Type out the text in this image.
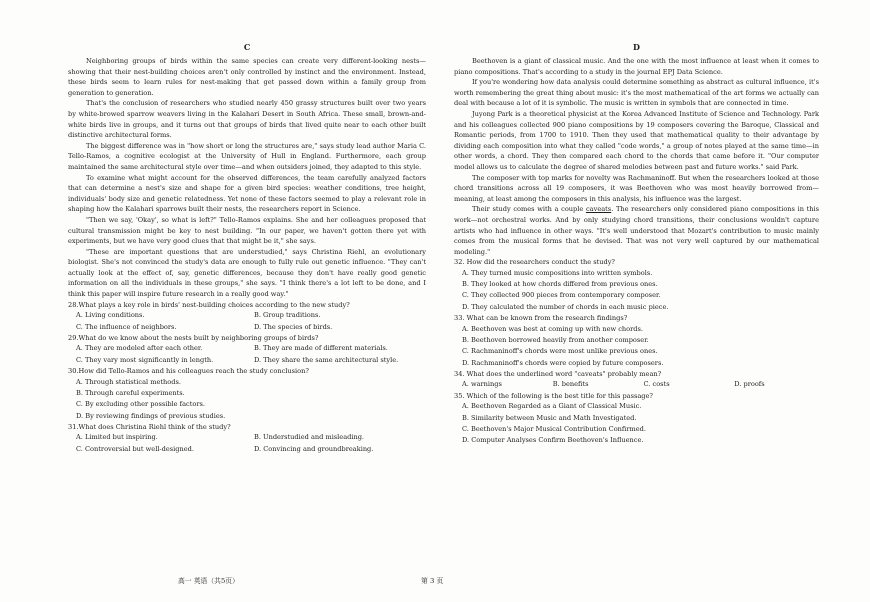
C

Neighboring groups of birds within the same species can create very different-looking nests—showing that their nest-building choices aren't only controlled by instinct and the environment. Instead, these birds seem to learn rules for nest-making that get passed down within a family group from generation to generation.

That's the conclusion of researchers who studied nearly 450 grassy structures built over two years by white-browed sparrow weavers living in the Kalahari Desert in South Africa. These small, brown-and-white birds live in groups, and it turns out that groups of birds that lived quite near to each other built distinctive architectural forms.

The biggest difference was in "how short or long the structures are," says study lead author Maria C. Tello-Ramos, a cognitive ecologist at the University of Hull in England. Furthermore, each group maintained the same architectural style over time—and when outsiders joined, they adapted to this style.

To examine what might account for the observed differences, the team carefully analyzed factors that can determine a nest's size and shape for a given bird species: weather conditions, tree height, individuals' body size and genetic relatedness. Yet none of these factors seemed to play a relevant role in shaping how the Kalahari sparrows built their nests, the researchers report in Science.

"Then we say, 'Okay', so what is left?" Tello-Ramos explains. She and her colleagues proposed that cultural transmission might be key to nest building. "In our paper, we haven't gotten there yet with experiments, but we have very good clues that that might be it," she says.

"These are important questions that are understudied," says Christina Riehl, an evolutionary biologist. She's not convinced the study's data are enough to fully rule out genetic influence. "They can't actually look at the effect of, say, genetic differences, because they don't have really good genetic information on all the individuals in these groups," she says. "I think there's a lot left to be done, and I think this paper will inspire future research in a really good way."

28.What plays a key role in birds' nest-building choices according to the new study?

A. Living conditions.	B. Group traditions.
C. The influence of neighbors.	D. The species of birds.

29.What do we know about the nests built by neighboring groups of birds?

A. They are modeled after each other.	B. They are made of different materials.
C. They vary most significantly in length.	D. They share the same architectural style.

30.How did Tello-Ramos and his colleagues reach the study conclusion?

A. Through statistical methods.
B. Through careful experiments.
C. By excluding other possible factors.
D. By reviewing findings of previous studies.

31.What does Christina Riehl think of the study?

A. Limited but inspiring.	B. Understudied and misleading.
C. Controversial but well-designed.	D. Convincing and groundbreaking.
D

Beethoven is a giant of classical music. And the one with the most influence at least when it comes to piano compositions. That's according to a study in the journal EPJ Data Science.

If you're wondering how data analysis could determine something as abstract as cultural influence, it's worth remembering the great thing about music: it's the most mathematical of the art forms we actually can deal with because a lot of it is symbolic. The music is written in symbols that are connected in time.

Juyong Park is a theoretical physicist at the Korea Advanced Institute of Science and Technology. Park and his colleagues collected 900 piano compositions by 19 composers covering the Baroque, Classical and Romantic periods, from 1700 to 1910. Then they used that mathematical quality to their advantage by dividing each composition into what they called "code words," a group of notes played at the same time—in other words, a chord. They then compared each chord to the chords that came before it. "Our computer model allows us to calculate the degree of shared melodies between past and future works." said Park.

The composer with top marks for novelty was Rachmaninoff. But when the researchers looked at those chord transitions across all 19 composers, it was Beethoven who was most heavily borrowed from—meaning, at least among the composers in this analysis, his influence was the largest.

Their study comes with a couple caveats. The researchers only considered piano compositions in this work—not orchestral works. And by only studying chord transitions, their conclusions wouldn't capture artists who had influence in other ways. "It's well understood that Mozart's contribution to music mainly comes from the musical forms that he devised. That was not very well captured by our mathematical modeling."

32. How did the researchers conduct the study?

A. They turned music compositions into written symbols.
B. They looked at how chords differed from previous ones.
C. They collected 900 pieces from contemporary composer.
D. They calculated the number of chords in each music piece.

33. What can be known from the research findings?

A. Beethoven was best at coming up with new chords.
B. Beethoven borrowed heavily from another composer.
C. Rachmaninoff's chords were most unlike previous ones.
D. Rachmaninoff's chords were copied by future composers.

34. What does the underlined word "caveats" probably mean?

A. warnings	B. benefits	C. costs	D. proofs

35. Which of the following is the best title for this passage?

A. Beethoven Regarded as a Giant of Classical Music.
B. Similarity between Music and Math Investigated.
C. Beethoven's Major Musical Contribution Confirmed.
D. Computer Analyses Confirm Beethoven's Influence.
高一 英语（共5页）	第 3 页
